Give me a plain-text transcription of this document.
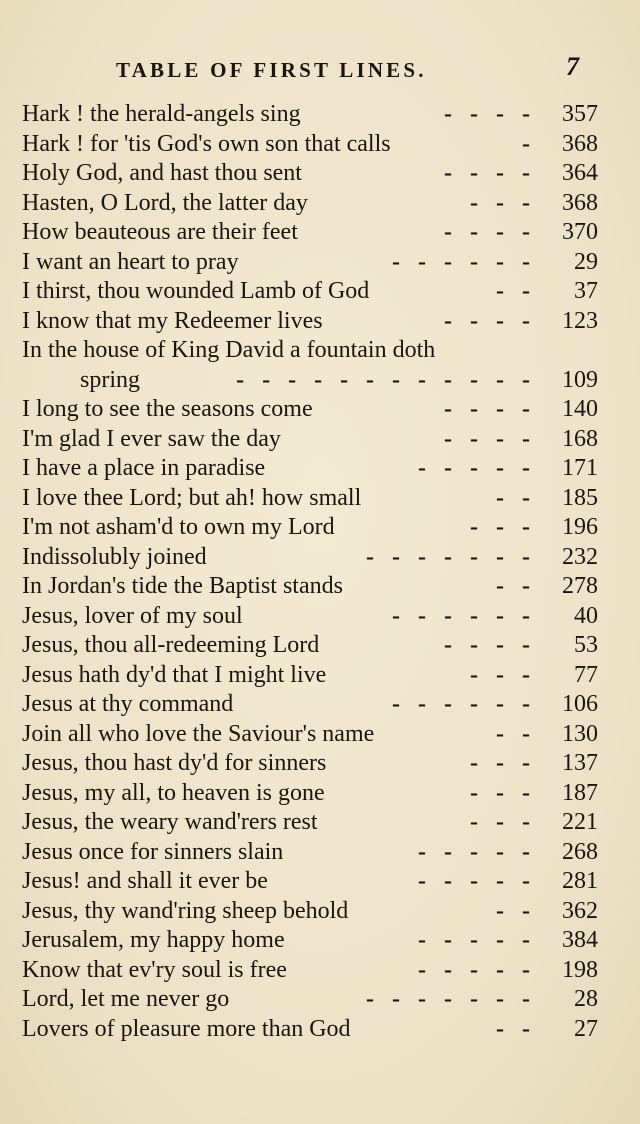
TABLE OF FIRST LINES.	7
Hark ! the herald-angels sing	- - - -	357
Hark ! for 'tis God's own son that calls	-	368
Holy God, and hast thou sent	- - - -	364
Hasten, O Lord, the latter day	- - -	368
How beauteous are their feet	- - - -	370
I want an heart to pray	- - - - - -	29
I thirst, thou wounded Lamb of God	- -	37
I know that my Redeemer lives	- - - -	123
In the house of King David a fountain doth
spring	- - - - - - - - - - - -	109
I long to see the seasons come	- - - -	140
I'm glad I ever saw the day	- - - -	168
I have a place in paradise	- - - - -	171
I love thee Lord; but ah! how small	- -	185
I'm not asham'd to own my Lord	- - -	196
Indissolubly joined	- - - - - - -	232
In Jordan's tide the Baptist stands	- -	278
Jesus, lover of my soul	- - - - - -	40
Jesus, thou all-redeeming Lord	- - - -	53
Jesus hath dy'd that I might live	- - -	77
Jesus at thy command	- - - - - -	106
Join all who love the Saviour's name	- -	130
Jesus, thou hast dy'd for sinners	- - -	137
Jesus, my all, to heaven is gone	- - -	187
Jesus, the weary wand'rers rest	- - -	221
Jesus once for sinners slain	- - - - -	268
Jesus! and shall it ever be	- - - - -	281
Jesus, thy wand'ring sheep behold	- -	362
Jerusalem, my happy home	- - - - -	384
Know that ev'ry soul is free	- - - - -	198
Lord, let me never go	- - - - - - -	28
Lovers of pleasure more than God	- -	27
